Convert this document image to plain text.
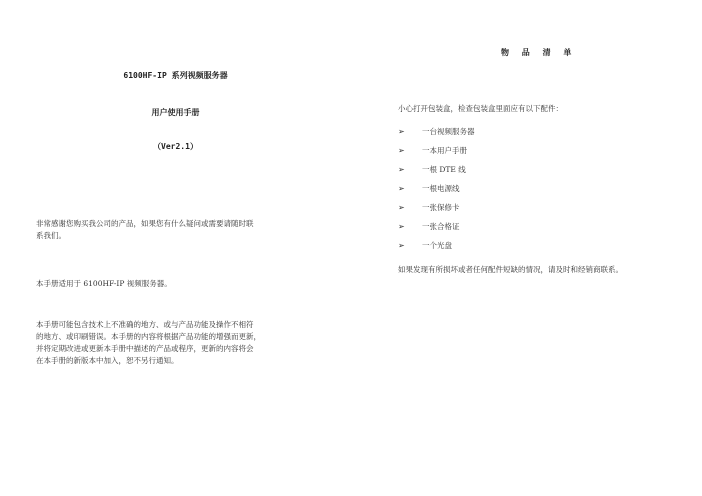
6100HF-IP 系列视频服务器
用户使用手册
（Ver2.1）

非常感谢您购买我公司的产品，如果您有什么疑问或需要请随时联

系我们。

本手册适用于 6100HF-IP 视频服务器。

本手册可能包含技术上不准确的地方、或与产品功能及操作不相符

的地方、或印刷错误。本手册的内容将根据产品功能的增强而更新，

并将定期改进或更新本手册中描述的产品或程序，更新的内容将会

在本手册的新版本中加入，恕不另行通知。

物 品 清 单
小心打开包装盒，检查包装盒里面应有以下配件：
➢	一台视频服务器
➢	一本用户手册
➢	一根 DTE 线
➢	一根电源线
➢	一张保修卡
➢	一张合格证
➢	一个光盘
如果发现有所损坏或者任何配件短缺的情况，请及时和经销商联系。
